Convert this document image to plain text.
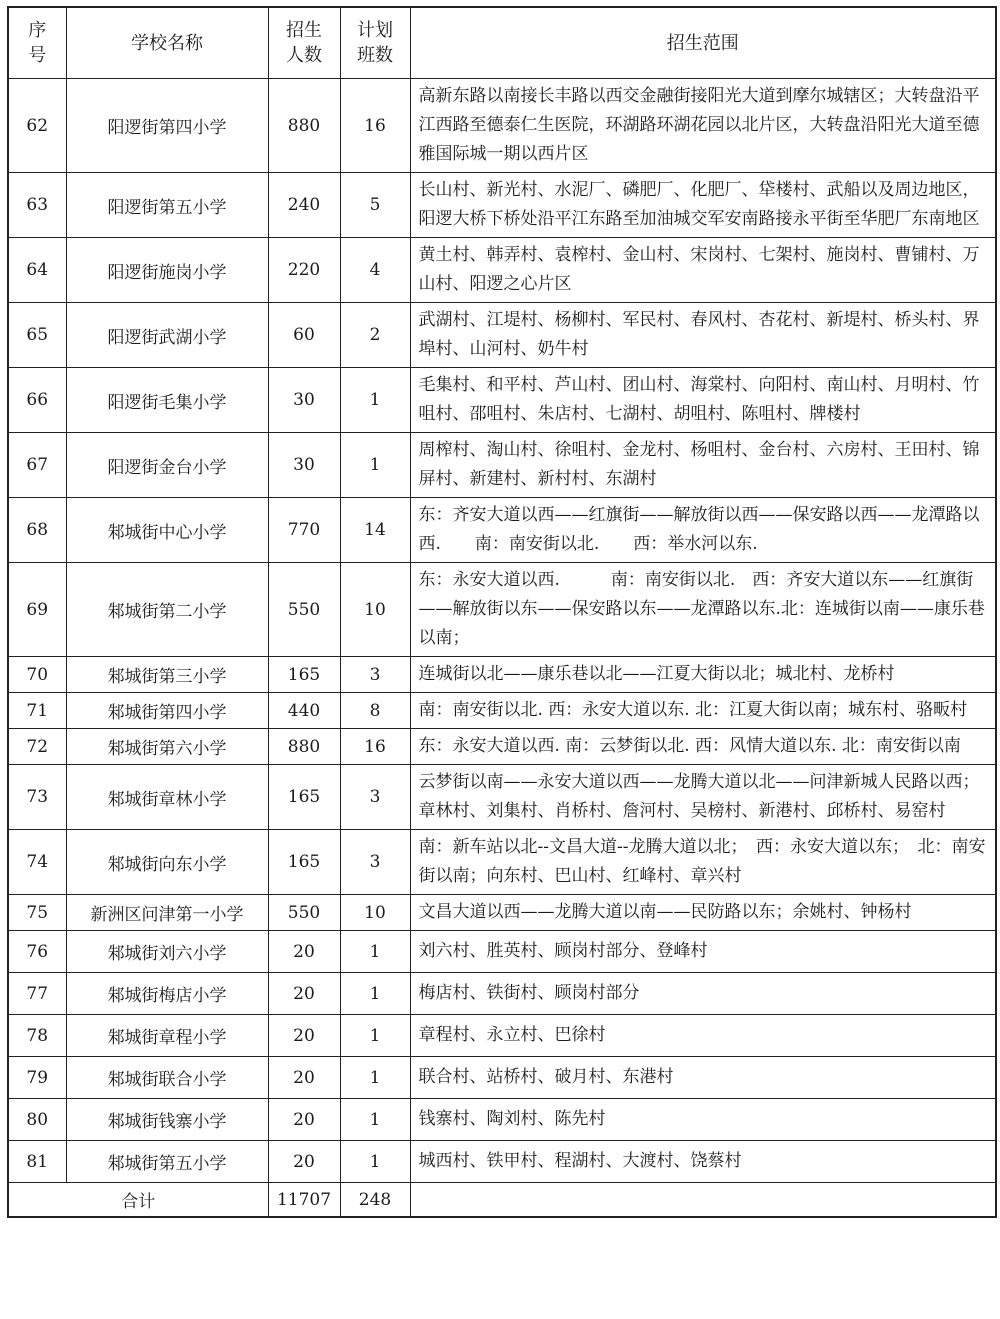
序号	学校名称	招生人数	计划班数	招生范围
62	阳逻街第四小学	880	16	高新东路以南接长丰路以西交金融街接阳光大道到摩尔城辖区；大转盘沿平江西路至德泰仁生医院，环湖路环湖花园以北片区，大转盘沿阳光大道至德雅国际城一期以西片区
63	阳逻街第五小学	240	5	长山村、新光村、水泥厂、磷肥厂、化肥厂、牮楼村、武船以及周边地区，阳逻大桥下桥处沿平江东路至加油城交军安南路接永平街至华肥厂东南地区
64	阳逻街施岗小学	220	4	黄土村、韩弄村、袁榨村、金山村、宋岗村、七架村、施岗村、曹铺村、万山村、阳逻之心片区
65	阳逻街武湖小学	60	2	武湖村、江堤村、杨柳村、军民村、春风村、杏花村、新堤村、桥头村、界埠村、山河村、奶牛村
66	阳逻街毛集小学	30	1	毛集村、和平村、芦山村、团山村、海棠村、向阳村、南山村、月明村、竹咀村、邵咀村、朱店村、七湖村、胡咀村、陈咀村、牌楼村
67	阳逻街金台小学	30	1	周榨村、淘山村、徐咀村、金龙村、杨咀村、金台村、六房村、王田村、锦屏村、新建村、新村村、东湖村
68	邾城街中心小学	770	14	东：齐安大道以西——红旗街——解放街以西——保安路以西——龙潭路以西.　　南：南安街以北.　　西：举水河以东.
69	邾城街第二小学	550	10	东：永安大道以西.　　　南：南安街以北.　西：齐安大道以东——红旗街——解放街以东——保安路以东——龙潭路以东.北：连城街以南——康乐巷以南；
70	邾城街第三小学	165	3	连城街以北——康乐巷以北——江夏大街以北；城北村、龙桥村
71	邾城街第四小学	440	8	南：南安街以北. 西：永安大道以东. 北：江夏大街以南；城东村、骆畈村
72	邾城街第六小学	880	16	东：永安大道以西. 南：云梦街以北. 西：风情大道以东. 北：南安街以南
73	邾城街章林小学	165	3	云梦街以南——永安大道以西——龙腾大道以北——问津新城人民路以西；章林村、刘集村、肖桥村、詹河村、吴榜村、新港村、邱桥村、易窑村
74	邾城街向东小学	165	3	南：新车站以北--文昌大道--龙腾大道以北；　西：永安大道以东；　北：南安街以南；向东村、巴山村、红峰村、章兴村
75	新洲区问津第一小学	550	10	文昌大道以西——龙腾大道以南——民防路以东；余姚村、钟杨村
76	邾城街刘六小学	20	1	刘六村、胜英村、顾岗村部分、登峰村
77	邾城街梅店小学	20	1	梅店村、铁街村、顾岗村部分
78	邾城街章程小学	20	1	章程村、永立村、巴徐村
79	邾城街联合小学	20	1	联合村、站桥村、破月村、东港村
80	邾城街钱寨小学	20	1	钱寨村、陶刘村、陈先村
81	邾城街第五小学	20	1	城西村、铁甲村、程湖村、大渡村、饶蔡村
合计		11707	248	
